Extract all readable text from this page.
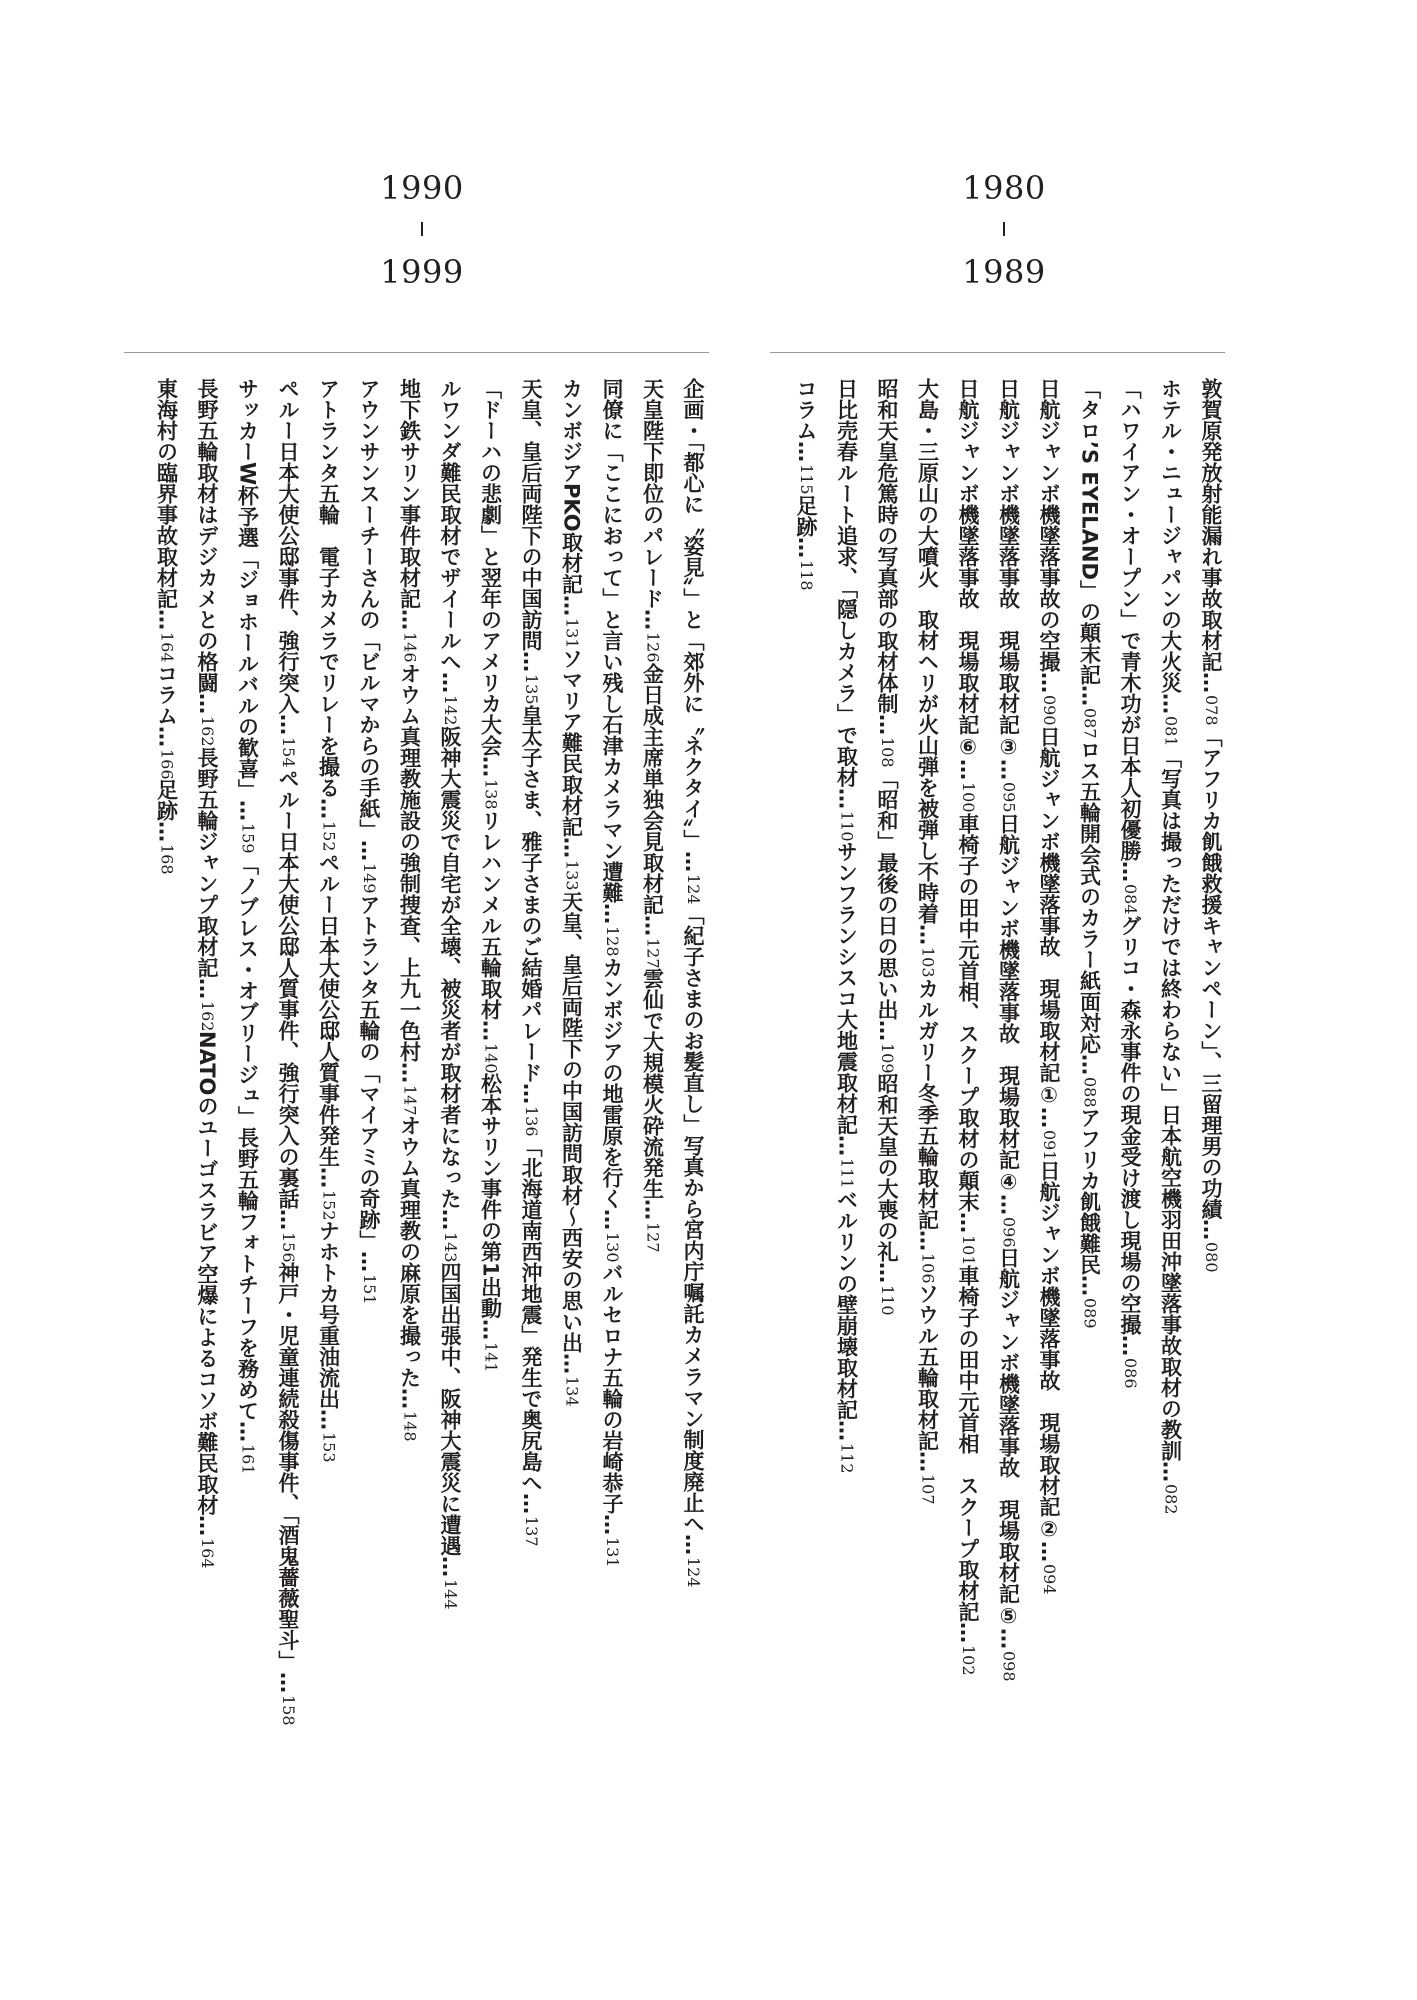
1980
1989
1990
1999
敦賀原発放射能漏れ事故取材記…078「アフリカ飢餓救援キャンペーン」、三留理男の功績…080
ホテル・ニュージャパンの大火災…081「写真は撮っただけでは終わらない」日本航空機羽田沖墜落事故取材の教訓…082
「ハワイアン・オープン」で青木功が日本人初優勝…084グリコ・森永事件の現金受け渡し現場の空撮…086
「タロ’S EYELAND」の顛末記…087ロス五輪開会式のカラー紙面対応…088アフリカ飢餓難民…089
日航ジャンボ機墜落事故の空撮…090日航ジャンボ機墜落事故　現場取材記①…091日航ジャンボ機墜落事故　現場取材記②…094
日航ジャンボ機墜落事故　現場取材記③…095日航ジャンボ機墜落事故　現場取材記④…096日航ジャンボ機墜落事故　現場取材記⑤…098
日航ジャンボ機墜落事故　現場取材記⑥…100車椅子の田中元首相、スクープ取材の顛末…101車椅子の田中元首相　スクープ取材記…102
大島・三原山の大噴火　取材ヘリが火山弾を被弾し不時着…103カルガリー冬季五輪取材記…106ソウル五輪取材記…107
昭和天皇危篤時の写真部の取材体制…108「昭和」最後の日の思い出…109昭和天皇の大喪の礼…110
日比売春ルート追求、「隠しカメラ」で取材…110サンフランシスコ大地震取材記…111ベルリンの壁崩壊取材記…112
コラム…115足跡…118
企画・「都心に〝姿見〟」と「郊外に〝ネクタイ〟」…124「紀子さまのお髪直し」写真から宮内庁嘱託カメラマン制度廃止へ…124
天皇陛下即位のパレード…126金日成主席単独会見取材記…127雲仙で大規模火砕流発生…127
同僚に「ここにおって」と言い残し石津カメラマン遭難…128カンボジアの地雷原を行く…130バルセロナ五輪の岩崎恭子…131
カンボジアPKO取材記…131ソマリア難民取材記…133天皇、皇后両陛下の中国訪問取材～西安の思い出…134
天皇、皇后両陛下の中国訪問…135皇太子さま、雅子さまのご結婚パレード…136「北海道南西沖地震」発生で奥尻島へ…137
「ドーハの悲劇」と翌年のアメリカ大会…138リレハンメル五輪取材…140松本サリン事件の第1出動…141
ルワンダ難民取材でザイールへ…142阪神大震災で自宅が全壊、被災者が取材者になった…143四国出張中、阪神大震災に遭遇…144
地下鉄サリン事件取材記…146オウム真理教施設の強制捜査、上九一色村…147オウム真理教の麻原を撮った…148
アウンサンスーチーさんの「ビルマからの手紙」…149アトランタ五輪の「マイアミの奇跡」…151
アトランタ五輪　電子カメラでリレーを撮る…152ペルー日本大使公邸人質事件発生…152ナホトカ号重油流出…153
ペルー日本大使公邸事件、強行突入…154ペルー日本大使公邸人質事件、強行突入の裏話…156神戸・児童連続殺傷事件、「酒鬼薔薇聖斗」…158
サッカーW杯予選「ジョホールバルの歓喜」…159「ノブレス・オブリージュ」長野五輪フォトチーフを務めて…161
長野五輪取材はデジカメとの格闘…162長野五輪ジャンプ取材記…162NATOのユーゴスラビア空爆によるコソボ難民取材…164
東海村の臨界事故取材記…164コラム…166足跡…168
